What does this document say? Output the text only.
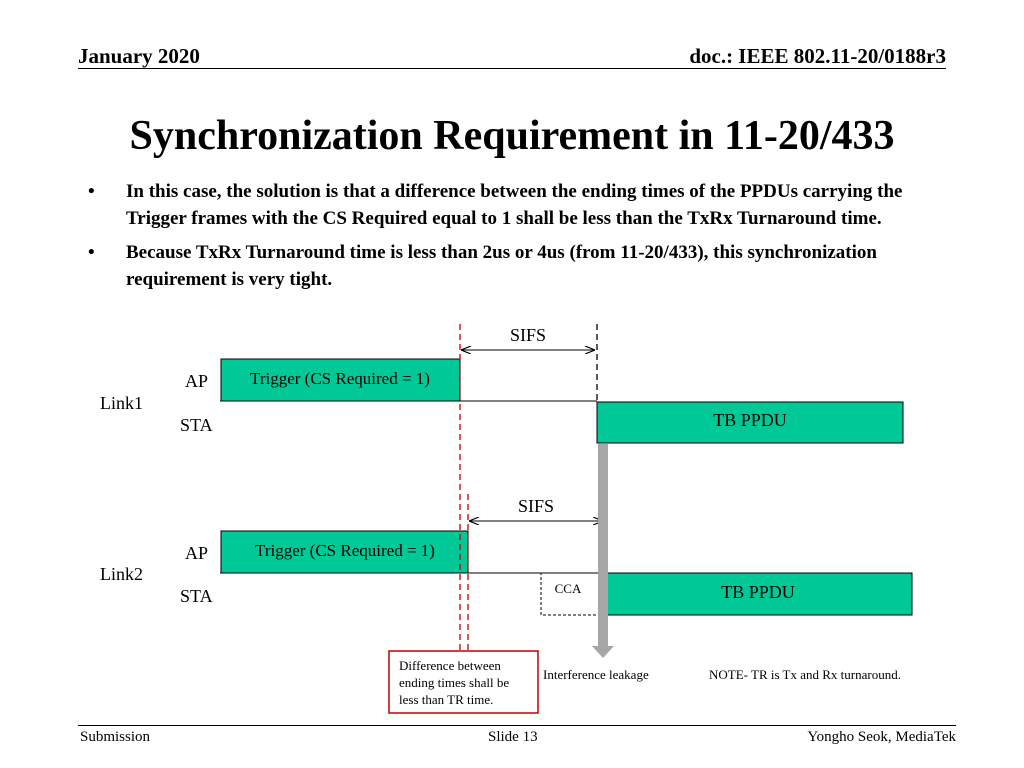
January 2020	doc.: IEEE 802.11-20/0188r3
Synchronization Requirement in 11-20/433
• In this case, the solution is that a difference between the ending times of the PPDUs carrying the Trigger frames with the CS Required equal to 1 shall be less than the TxRx Turnaround time.
• Because TxRx Turnaround time is less than 2us or 4us (from 11-20/433), this synchronization requirement is very tight.
Trigger (CS Required = 1)
TB PPDU
AP
STA
Link1
SIFS
Trigger (CS Required = 1)
TB PPDU
CCA
AP
STA
Link2
SIFS
Interference leakage
Difference between
ending times shall be
less than TR time.
NOTE- TR is Tx and Rx turnaround.
Submission	Slide 13	Yongho Seok, MediaTek
